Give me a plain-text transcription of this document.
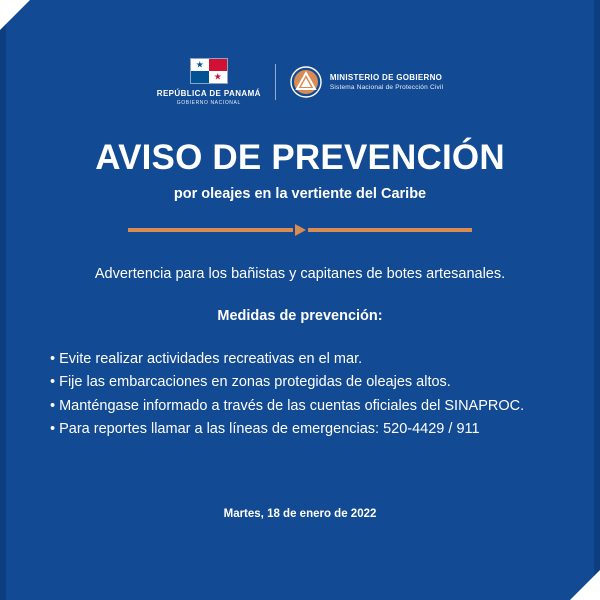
★
★
REPÚBLICA DE PANAMÁ
GOBIERNO NACIONAL
MINISTERIO DE GOBIERNO
Sistema Nacional de Protección Civil
AVISO DE PREVENCIÓN
por oleajes en la vertiente del Caribe
Advertencia para los bañistas y capitanes de botes artesanales.
Medidas de prevención:
• Evite realizar actividades recreativas en el mar.
• Fije las embarcaciones en zonas protegidas de oleajes altos.
• Manténgase informado a través de las cuentas oficiales del SINAPROC.
• Para reportes llamar a las líneas de emergencias: 520-4429 / 911
Martes, 18 de enero de 2022
